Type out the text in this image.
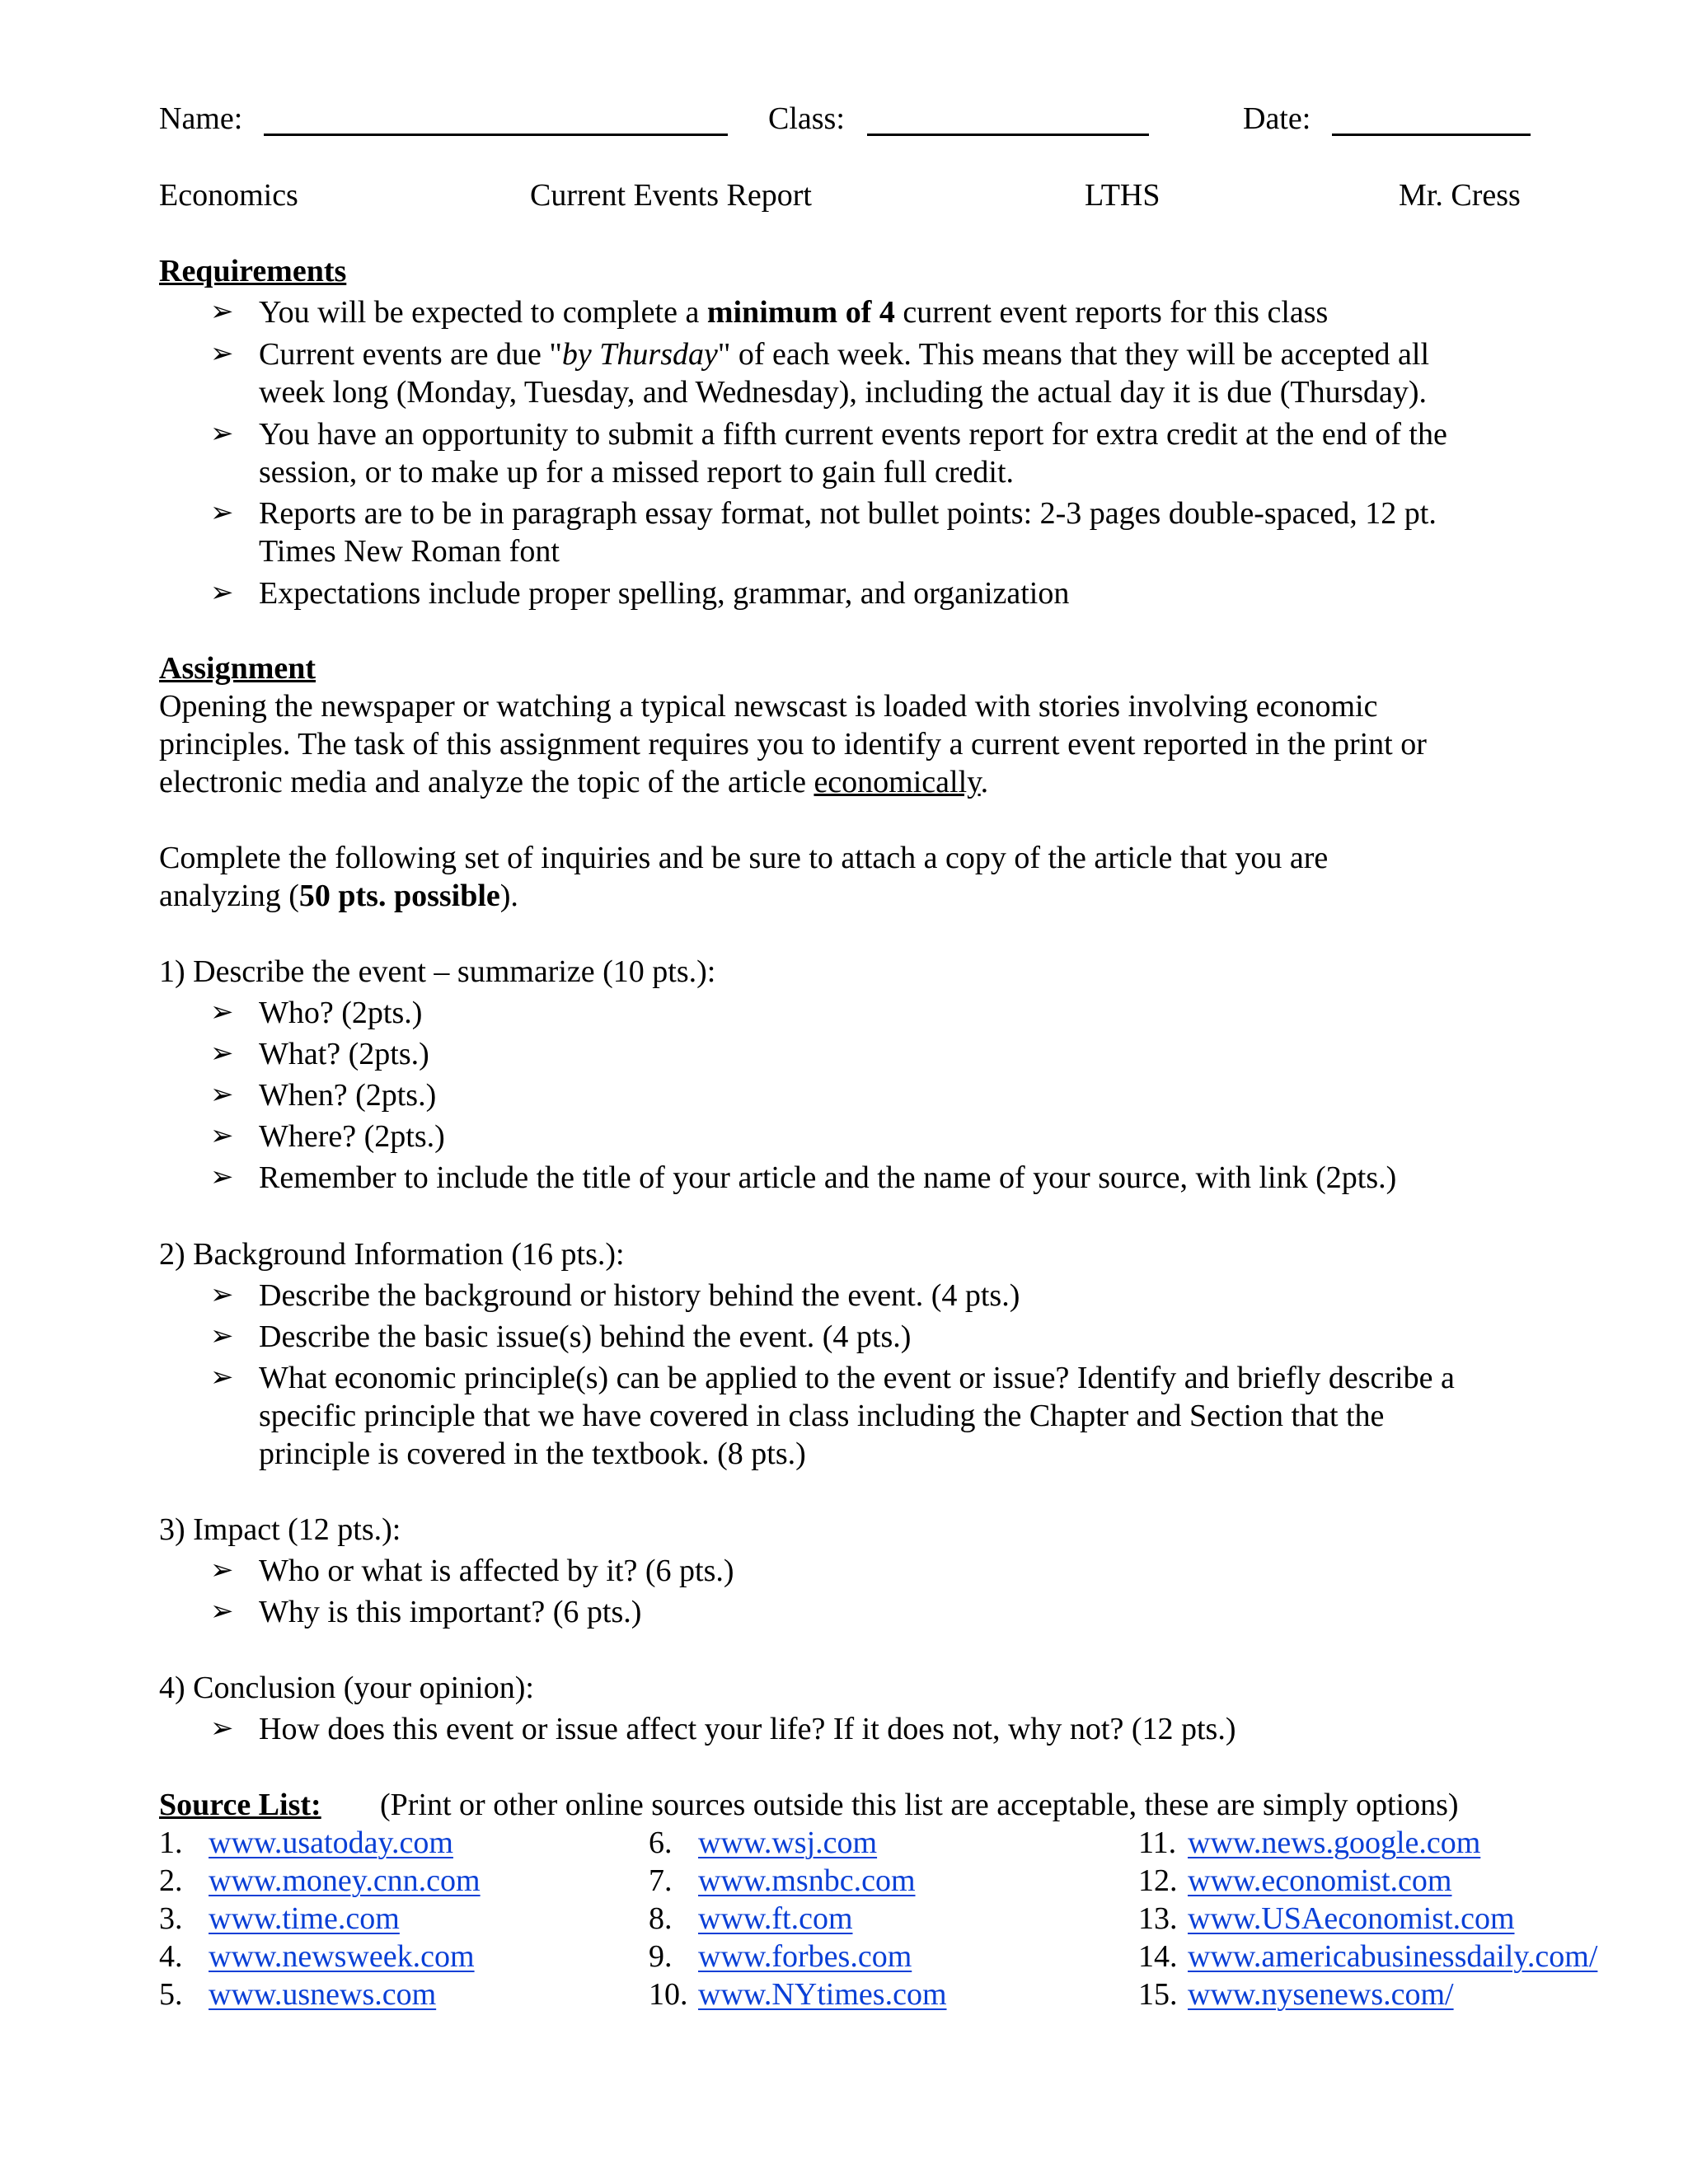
Name:	Class:	Date:
Economics	Current Events Report	LTHS	Mr. Cress
Requirements
➢ You will be expected to complete a minimum of 4 current event reports for this class
➢ Current events are due "by Thursday" of each week. This means that they will be accepted all
week long (Monday, Tuesday, and Wednesday), including the actual day it is due (Thursday).
➢ You have an opportunity to submit a fifth current events report for extra credit at the end of the
session, or to make up for a missed report to gain full credit.
➢ Reports are to be in paragraph essay format, not bullet points: 2-3 pages double-spaced, 12 pt.
Times New Roman font
➢ Expectations include proper spelling, grammar, and organization
Assignment
Opening the newspaper or watching a typical newscast is loaded with stories involving economic
principles. The task of this assignment requires you to identify a current event reported in the print or
electronic media and analyze the topic of the article economically.
Complete the following set of inquiries and be sure to attach a copy of the article that you are
analyzing (50 pts. possible).
1) Describe the event – summarize (10 pts.):
➢ Who? (2pts.)
➢ What? (2pts.)
➢ When? (2pts.)
➢ Where? (2pts.)
➢ Remember to include the title of your article and the name of your source, with link (2pts.)
2) Background Information (16 pts.):
➢ Describe the background or history behind the event. (4 pts.)
➢ Describe the basic issue(s) behind the event. (4 pts.)
➢ What economic principle(s) can be applied to the event or issue? Identify and briefly describe a
specific principle that we have covered in class including the Chapter and Section that the
principle is covered in the textbook. (8 pts.)
3) Impact (12 pts.):
➢ Who or what is affected by it? (6 pts.)
➢ Why is this important? (6 pts.)
4) Conclusion (your opinion):
➢ How does this event or issue affect your life? If it does not, why not? (12 pts.)
Source List: (Print or other online sources outside this list are acceptable, these are simply options)
1. www.usatoday.com
2. www.money.cnn.com
3. www.time.com
4. www.newsweek.com
5. www.usnews.com
6. www.wsj.com
7. www.msnbc.com
8. www.ft.com
9. www.forbes.com
10. www.NYtimes.com
11. www.news.google.com
12. www.economist.com
13. www.USAeconomist.com
14. www.americabusinessdaily.com/
15. www.nysenews.com/
